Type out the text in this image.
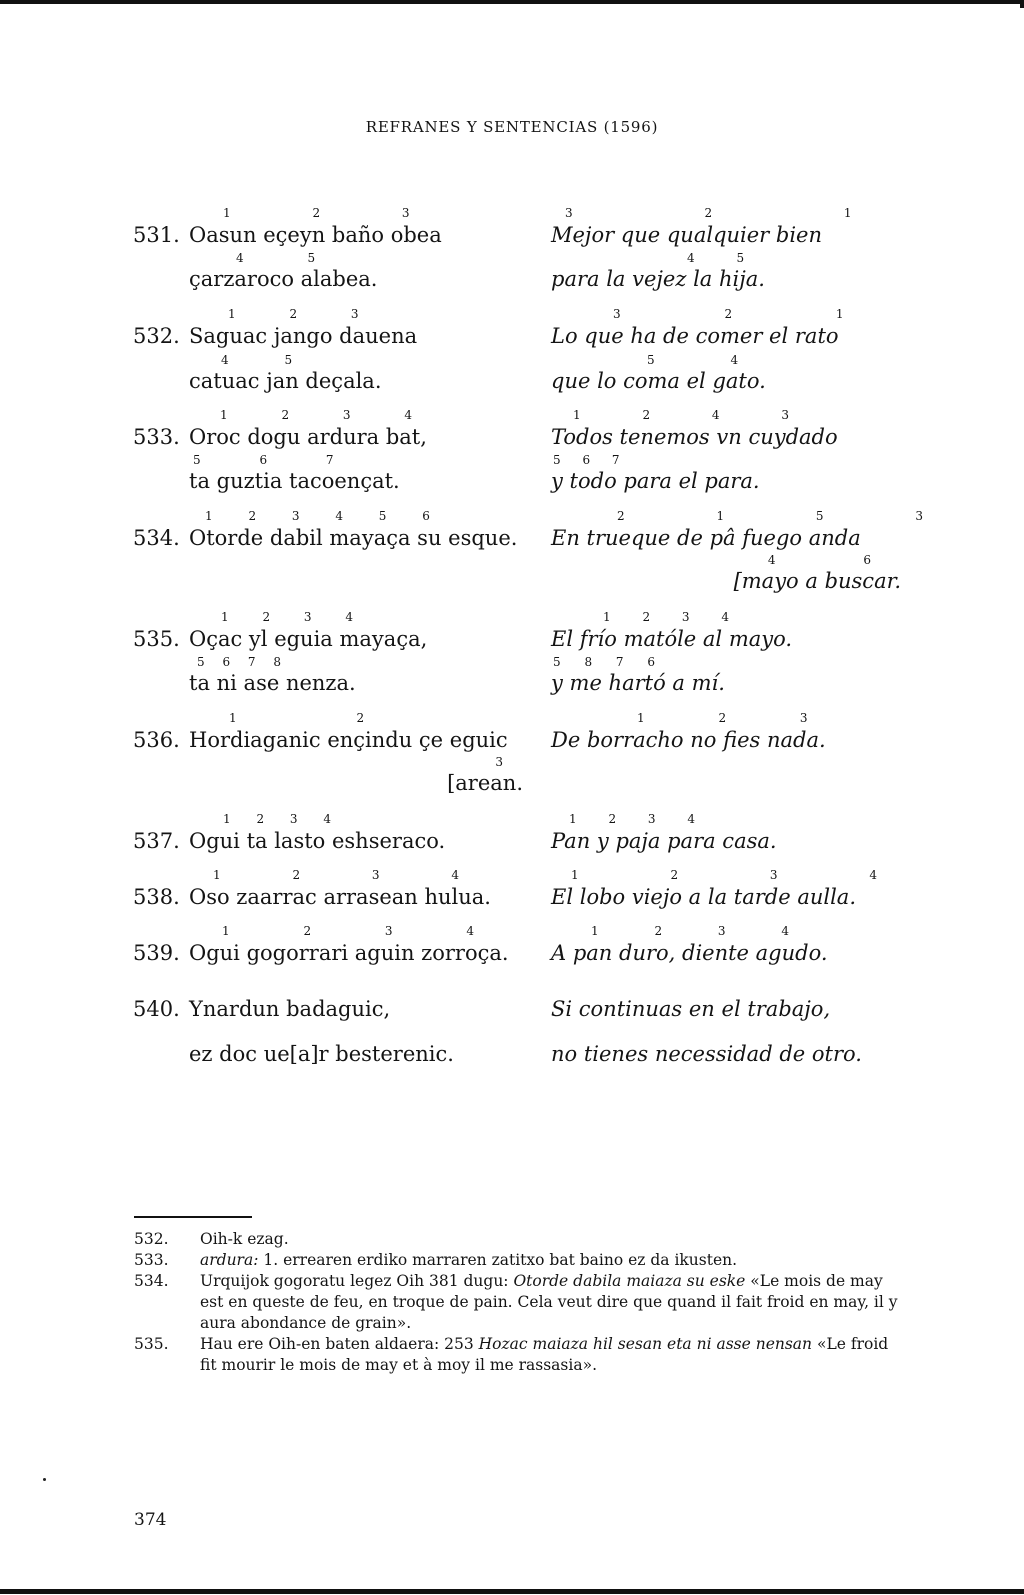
REFRANES Y SENTENCIAS (1596)
531.
1 2 3
Oasun eçeyn baño obea
4 5
çarzaroco alabea.
532.
1 2 3
Saguac jango dauena
4 5
catuac jan deçala.
533.
1 2 3 4
Oroc dogu ardura bat,
5 6 7
ta guztia tacoençat.
534.
1 2 3 4 5 6
Otorde dabil mayaça su esque.
535.
1 2 3 4
Oçac yl eguia mayaça,
5 6 7 8
ta ni ase nenza.
536.
1 2
Hordiaganic ençindu çe eguic
3
[arean.
537.
1 2 3 4
Ogui ta lasto eshseraco.
538.
1 2 3 4
Oso zaarrac arrasean hulua.
539.
1 2 3 4
Ogui gogorrari aguin zorroça.
540. Ynardun badaguic,
ez doc ue[a]r besterenic.
3 2 1
Mejor que qualquier bien
4 5
para la vejez la hija.
3 2 1
Lo que ha de comer el rato
5 4
que lo coma el gato.
1 2 4 3
Todos tenemos vn cuydado
5 6 7
y todo para el para.
2 1 5 3
En trueque de pâ fuego anda
4 6
[mayo a buscar.
1 2 3 4
El frío matóle al mayo.
5 8 7 6
y me hartó a mí.
1 2 3
De borracho no fies nada.
1 2 3 4
Pan y paja para casa.
1 2 3 4
El lobo viejo a la tarde aulla.
1 2 3 4
A pan duro, diente agudo.
Si continuas en el trabajo,
no tienes necessidad de otro.
532. Oih-k ezag.
533. ardura: 1. errearen erdiko marraren zatitxo bat baino ez da ikusten.
534. Urquijok gogoratu legez Oih 381 dugu: Otorde dabila maiaza su eske «Le mois de may est en queste de feu, en troque de pain. Cela veut dire que quand il fait froid en may, il y aura abondance de grain».
535. Hau ere Oih-en baten aldaera: 253 Hozac maiaza hil sesan eta ni asse nensan «Le froid fit mourir le mois de may et à moy il me rassasia».
374
